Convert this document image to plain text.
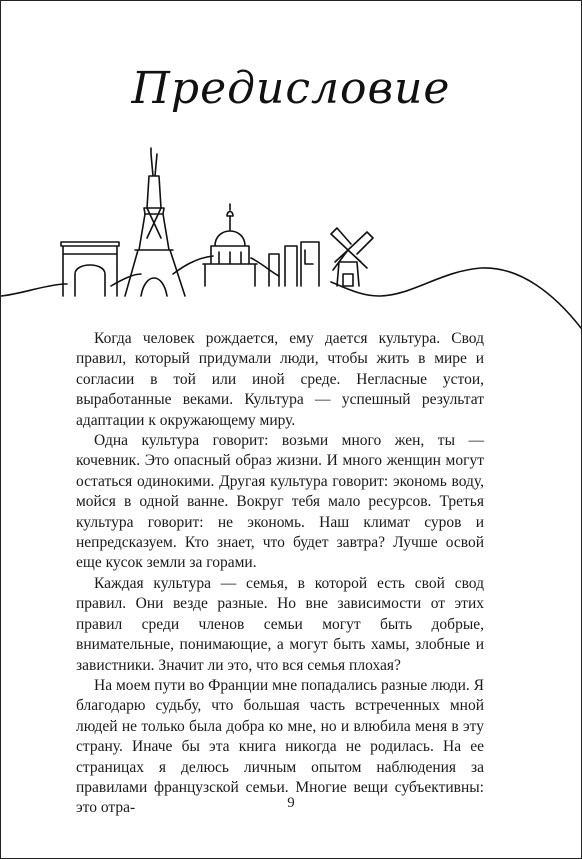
Предисловие

Когда человек рождается, ему дается культура. Свод правил, который придумали люди, чтобы жить в мире и согласии в той или иной среде. Негласные устои, выработанные веками. Культура — успешный результат адаптации к окружающему миру.

Одна культура говорит: возьми много жен, ты — кочевник. Это опасный образ жизни. И много женщин могут остаться одинокими. Другая культура говорит: экономь воду, мойся в одной ванне. Вокруг тебя мало ресурсов. Третья культура говорит: не экономь. Наш климат суров и непредсказуем. Кто знает, что будет завтра? Лучше освой еще кусок земли за горами.

Каждая культура — семья, в которой есть свой свод правил. Они везде разные. Но вне зависимости от этих правил среди членов семьи могут быть добрые, внимательные, понимающие, а могут быть хамы, злобные и завистники. Значит ли это, что вся семья плохая?

На моем пути во Франции мне попадались разные люди. Я благодарю судьбу, что большая часть встреченных мной людей не только была добра ко мне, но и влюбила меня в эту страну. Иначе бы эта книга никогда не родилась. На ее страницах я делюсь личным опытом наблюдения за правилами французской семьи. Многие вещи субъективны: это отра-	9
